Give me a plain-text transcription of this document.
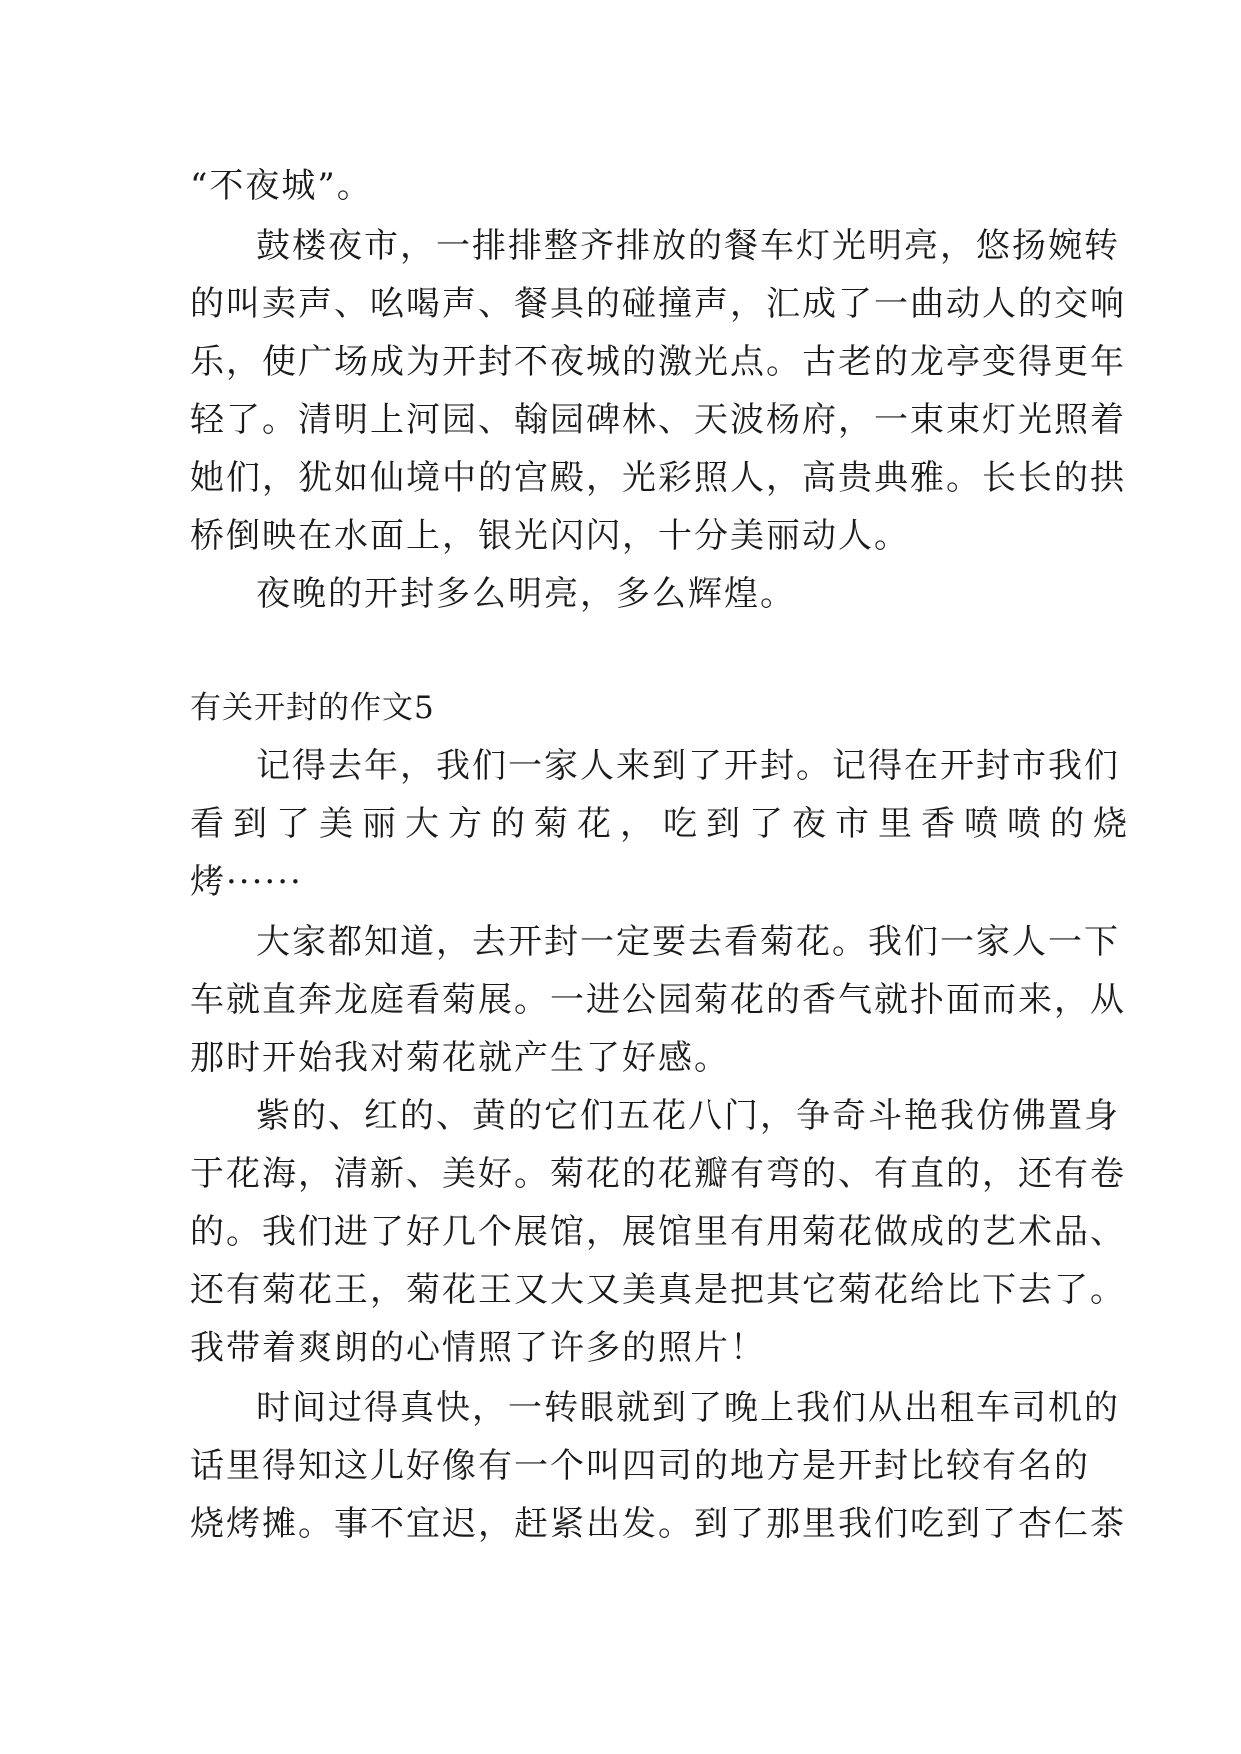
“不夜城”。
鼓楼夜市，一排排整齐排放的餐车灯光明亮，悠扬婉转
的叫卖声、吆喝声、餐具的碰撞声，汇成了一曲动人的交响
乐，使广场成为开封不夜城的激光点。古老的龙亭变得更年
轻了。清明上河园、翰园碑林、天波杨府，一束束灯光照着
她们，犹如仙境中的宫殿，光彩照人，高贵典雅。长长的拱
桥倒映在水面上，银光闪闪，十分美丽动人。
夜晚的开封多么明亮，多么辉煌。
有关开封的作文5
记得去年，我们一家人来到了开封。记得在开封市我们
看到了美丽大方的菊花，吃到了夜市里香喷喷的烧
烤······
大家都知道，去开封一定要去看菊花。我们一家人一下
车就直奔龙庭看菊展。一进公园菊花的香气就扑面而来，从
那时开始我对菊花就产生了好感。
紫的、红的、黄的它们五花八门，争奇斗艳我仿佛置身
于花海，清新、美好。菊花的花瓣有弯的、有直的，还有卷
的。我们进了好几个展馆，展馆里有用菊花做成的艺术品、
还有菊花王，菊花王又大又美真是把其它菊花给比下去了。
我带着爽朗的心情照了许多的照片！
时间过得真快，一转眼就到了晚上我们从出租车司机的
话里得知这儿好像有一个叫四司的地方是开封比较有名的
烧烤摊。事不宜迟，赶紧出发。到了那里我们吃到了杏仁茶
